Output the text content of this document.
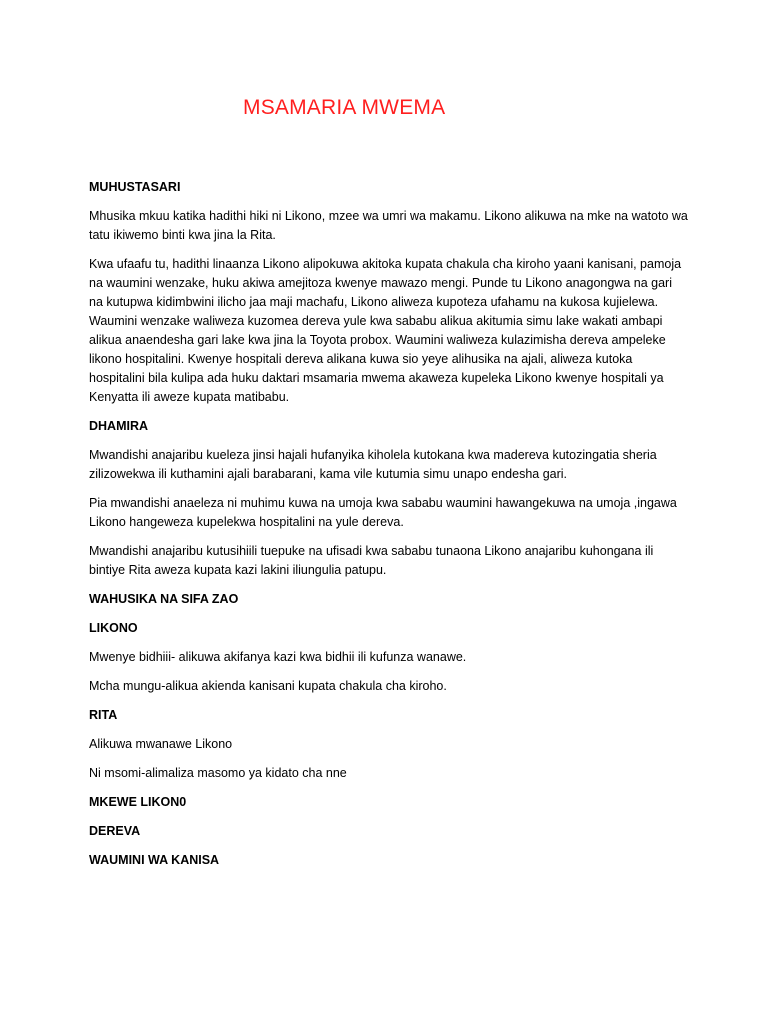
MSAMARIA MWEMA

MUHUSTASARI

Mhusika mkuu katika hadithi hiki ni Likono, mzee wa umri wa makamu. Likono alikuwa na mke na watoto wa tatu ikiwemo binti kwa jina la Rita.

Kwa ufaafu tu, hadithi linaanza Likono alipokuwa akitoka kupata chakula cha kiroho yaani kanisani, pamoja na waumini wenzake, huku akiwa amejitoza kwenye mawazo mengi. Punde tu Likono anagongwa na gari na kutupwa kidimbwini ilicho jaa maji machafu, Likono aliweza kupoteza ufahamu na kukosa kujielewa. Waumini wenzake waliweza kuzomea dereva yule kwa sababu alikua akitumia simu lake wakati ambapi alikua anaendesha gari lake kwa jina la Toyota probox. Waumini waliweza kulazimisha dereva ampeleke likono hospitalini. Kwenye hospitali dereva alikana kuwa sio yeye alihusika na ajali, aliweza kutoka hospitalini bila kulipa ada huku daktari msamaria mwema akaweza kupeleka Likono kwenye hospitali ya Kenyatta ili aweze kupata matibabu.

DHAMIRA

Mwandishi anajaribu kueleza jinsi hajali hufanyika kiholela kutokana kwa madereva kutozingatia sheria zilizowekwa ili kuthamini ajali barabarani, kama vile kutumia simu unapo endesha gari.

Pia mwandishi anaeleza ni muhimu kuwa na umoja kwa sababu waumini hawangekuwa na umoja ,ingawa Likono hangeweza kupelekwa hospitalini na yule dereva.

Mwandishi anajaribu kutusihiili tuepuke na ufisadi kwa sababu tunaona Likono anajaribu kuhongana ili bintiye Rita aweza kupata kazi lakini iliungulia patupu.

WAHUSIKA NA SIFA ZAO

LIKONO

Mwenye bidhiii- alikuwa akifanya kazi kwa bidhii ili kufunza wanawe.

Mcha mungu-alikua akienda kanisani kupata chakula cha kiroho.

RITA

Alikuwa mwanawe Likono

Ni msomi-alimaliza masomo ya kidato cha nne

MKEWE LIKON0

DEREVA

WAUMINI WA KANISA
